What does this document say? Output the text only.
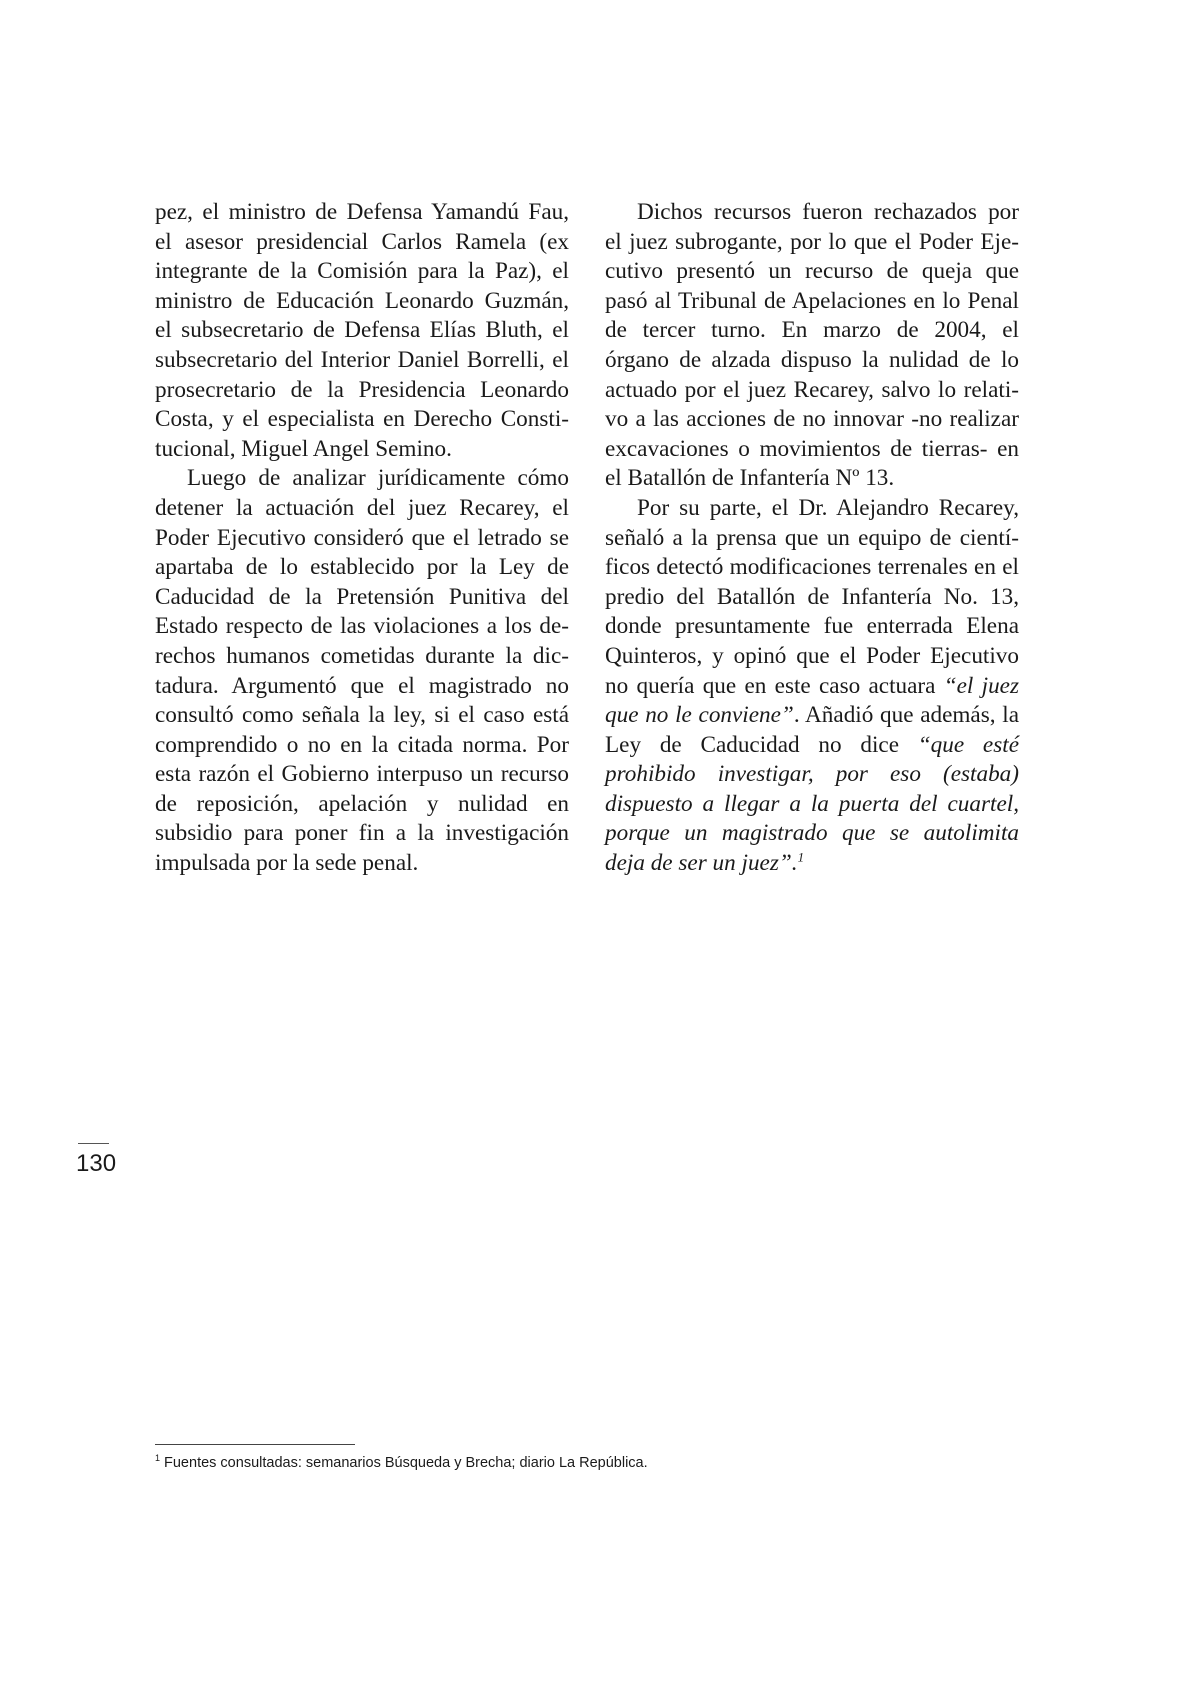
pez, el ministro de Defensa Yamandú Fau, el asesor presidencial Carlos Ramela (ex integrante de la Comisión para la Paz), el ministro de Educación Leonardo Guzmán, el subsecretario de Defensa Elías Bluth, el subsecretario del Interior Daniel Borrelli, el prosecretario de la Presidencia Leonardo Costa, y el especialista en Derecho Constitucional, Miguel Angel Semino.

Luego de analizar jurídicamente cómo detener la actuación del juez Recarey, el Poder Ejecutivo consideró que el letrado se apartaba de lo establecido por la Ley de Caducidad de la Pretensión Punitiva del Estado respecto de las violaciones a los derechos humanos cometidas durante la dictadura. Argumentó que el magistrado no consultó como señala la ley, si el caso está comprendido o no en la citada norma. Por esta razón el Gobierno interpuso un recurso de reposición, apelación y nulidad en subsidio para poner fin a la investigación impulsada por la sede penal.

Dichos recursos fueron rechazados por el juez subrogante, por lo que el Poder Ejecutivo presentó un recurso de queja que pasó al Tribunal de Apelaciones en lo Penal de tercer turno. En marzo de 2004, el órgano de alzada dispuso la nulidad de lo actuado por el juez Recarey, salvo lo relativo a las acciones de no innovar -no realizar excavaciones o movimientos de tierras- en el Batallón de Infantería Nº 13.

Por su parte, el Dr. Alejandro Recarey, señaló a la prensa que un equipo de científicos detectó modificaciones terrenales en el predio del Batallón de Infantería No. 13, donde presuntamente fue enterrada Elena Quinteros, y opinó que el Poder Ejecutivo no quería que en este caso actuara “el juez que no le conviene”. Añadió que además, la Ley de Caducidad no dice “que esté prohibido investigar, por eso (estaba) dispuesto a llegar a la puerta del cuartel, porque un magistrado que se autolimita deja de ser un juez”.$^1$

130
$^1$ Fuentes consultadas: semanarios Búsqueda y Brecha; diario La República.
